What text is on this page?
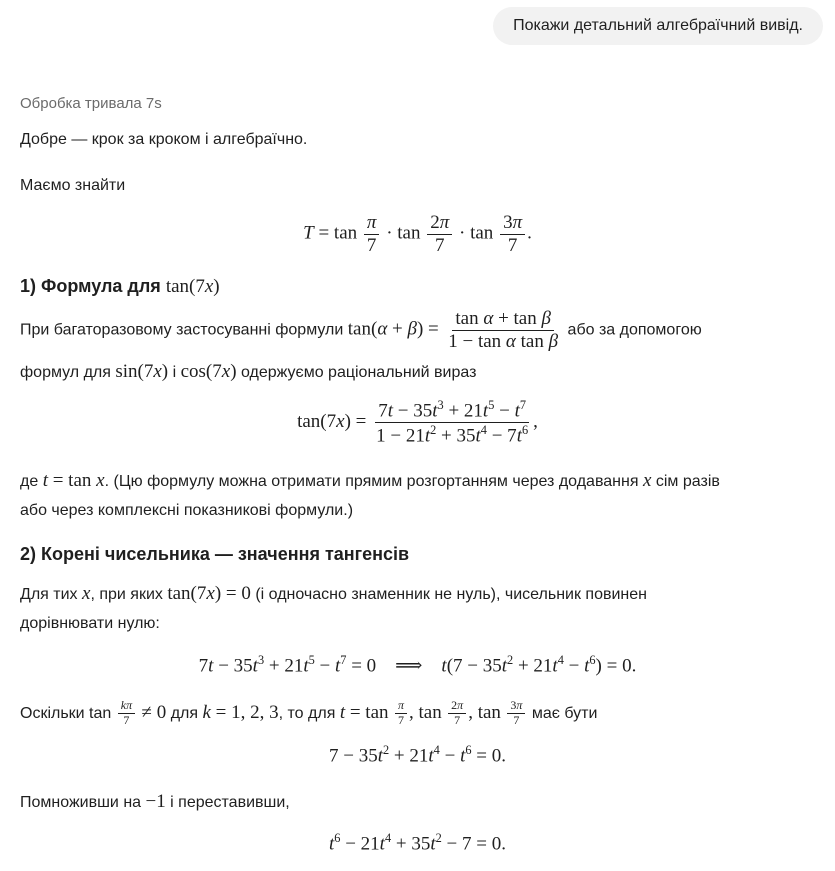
Покажи детальний алгебраїчний вивід.
Обробка тривала 7s
Добре — крок за кроком і алгебраїчно.
Маємо знайти
$T = \tan \frac{\pi}{7} \cdot \tan \frac{2\pi}{7} \cdot \tan \frac{3\pi}{7}$ .
1) Формула для tan(7x)
При багаторазовому застосуванні формули $\tan(\alpha + \beta) = \frac{\text{tan α + tan β}}{\text{1 − tan α tan β}}$ або за допомогою
формул для sin(7x) і cos(7x) одержуємо раціональний вираз
$\tan(7x) = \frac{7t - 35t^3 + 21t^5 - t^7}{1 - 21t^2 + 35t^4 - 7t^6}$ ,
де t = tan x. (Цю формулу можна отримати прямим розгортанням через додавання x сім разів
або через комплексні показникові формули.)
2) Корені чисельника — значення тангенсів
Для тих x, при яких tan(7x) = 0 (і одночасно знаменник не нуль), чисельник повинен
дорівнювати нулю:
$7t - 35t^3 + 21t^5 - t^7 = 0$    ⟹    $t(7 - 35t^2 + 21t^4 - t^6) = 0$.
Оскільки $\tan \frac{k\pi}{7} \ne 0$ для k = 1, 2, 3, то для $t = \tan \frac{\pi}{7}$ , $\tan \frac{2\pi}{7}$ , $\tan \frac{3\pi}{7}$ має бути
$7 - 35t^2 + 21t^4 - t^6 = 0$.
Помноживши на −1 і переставивши,
$t^6 - 21t^4 + 35t^2 - 7 = 0$.
